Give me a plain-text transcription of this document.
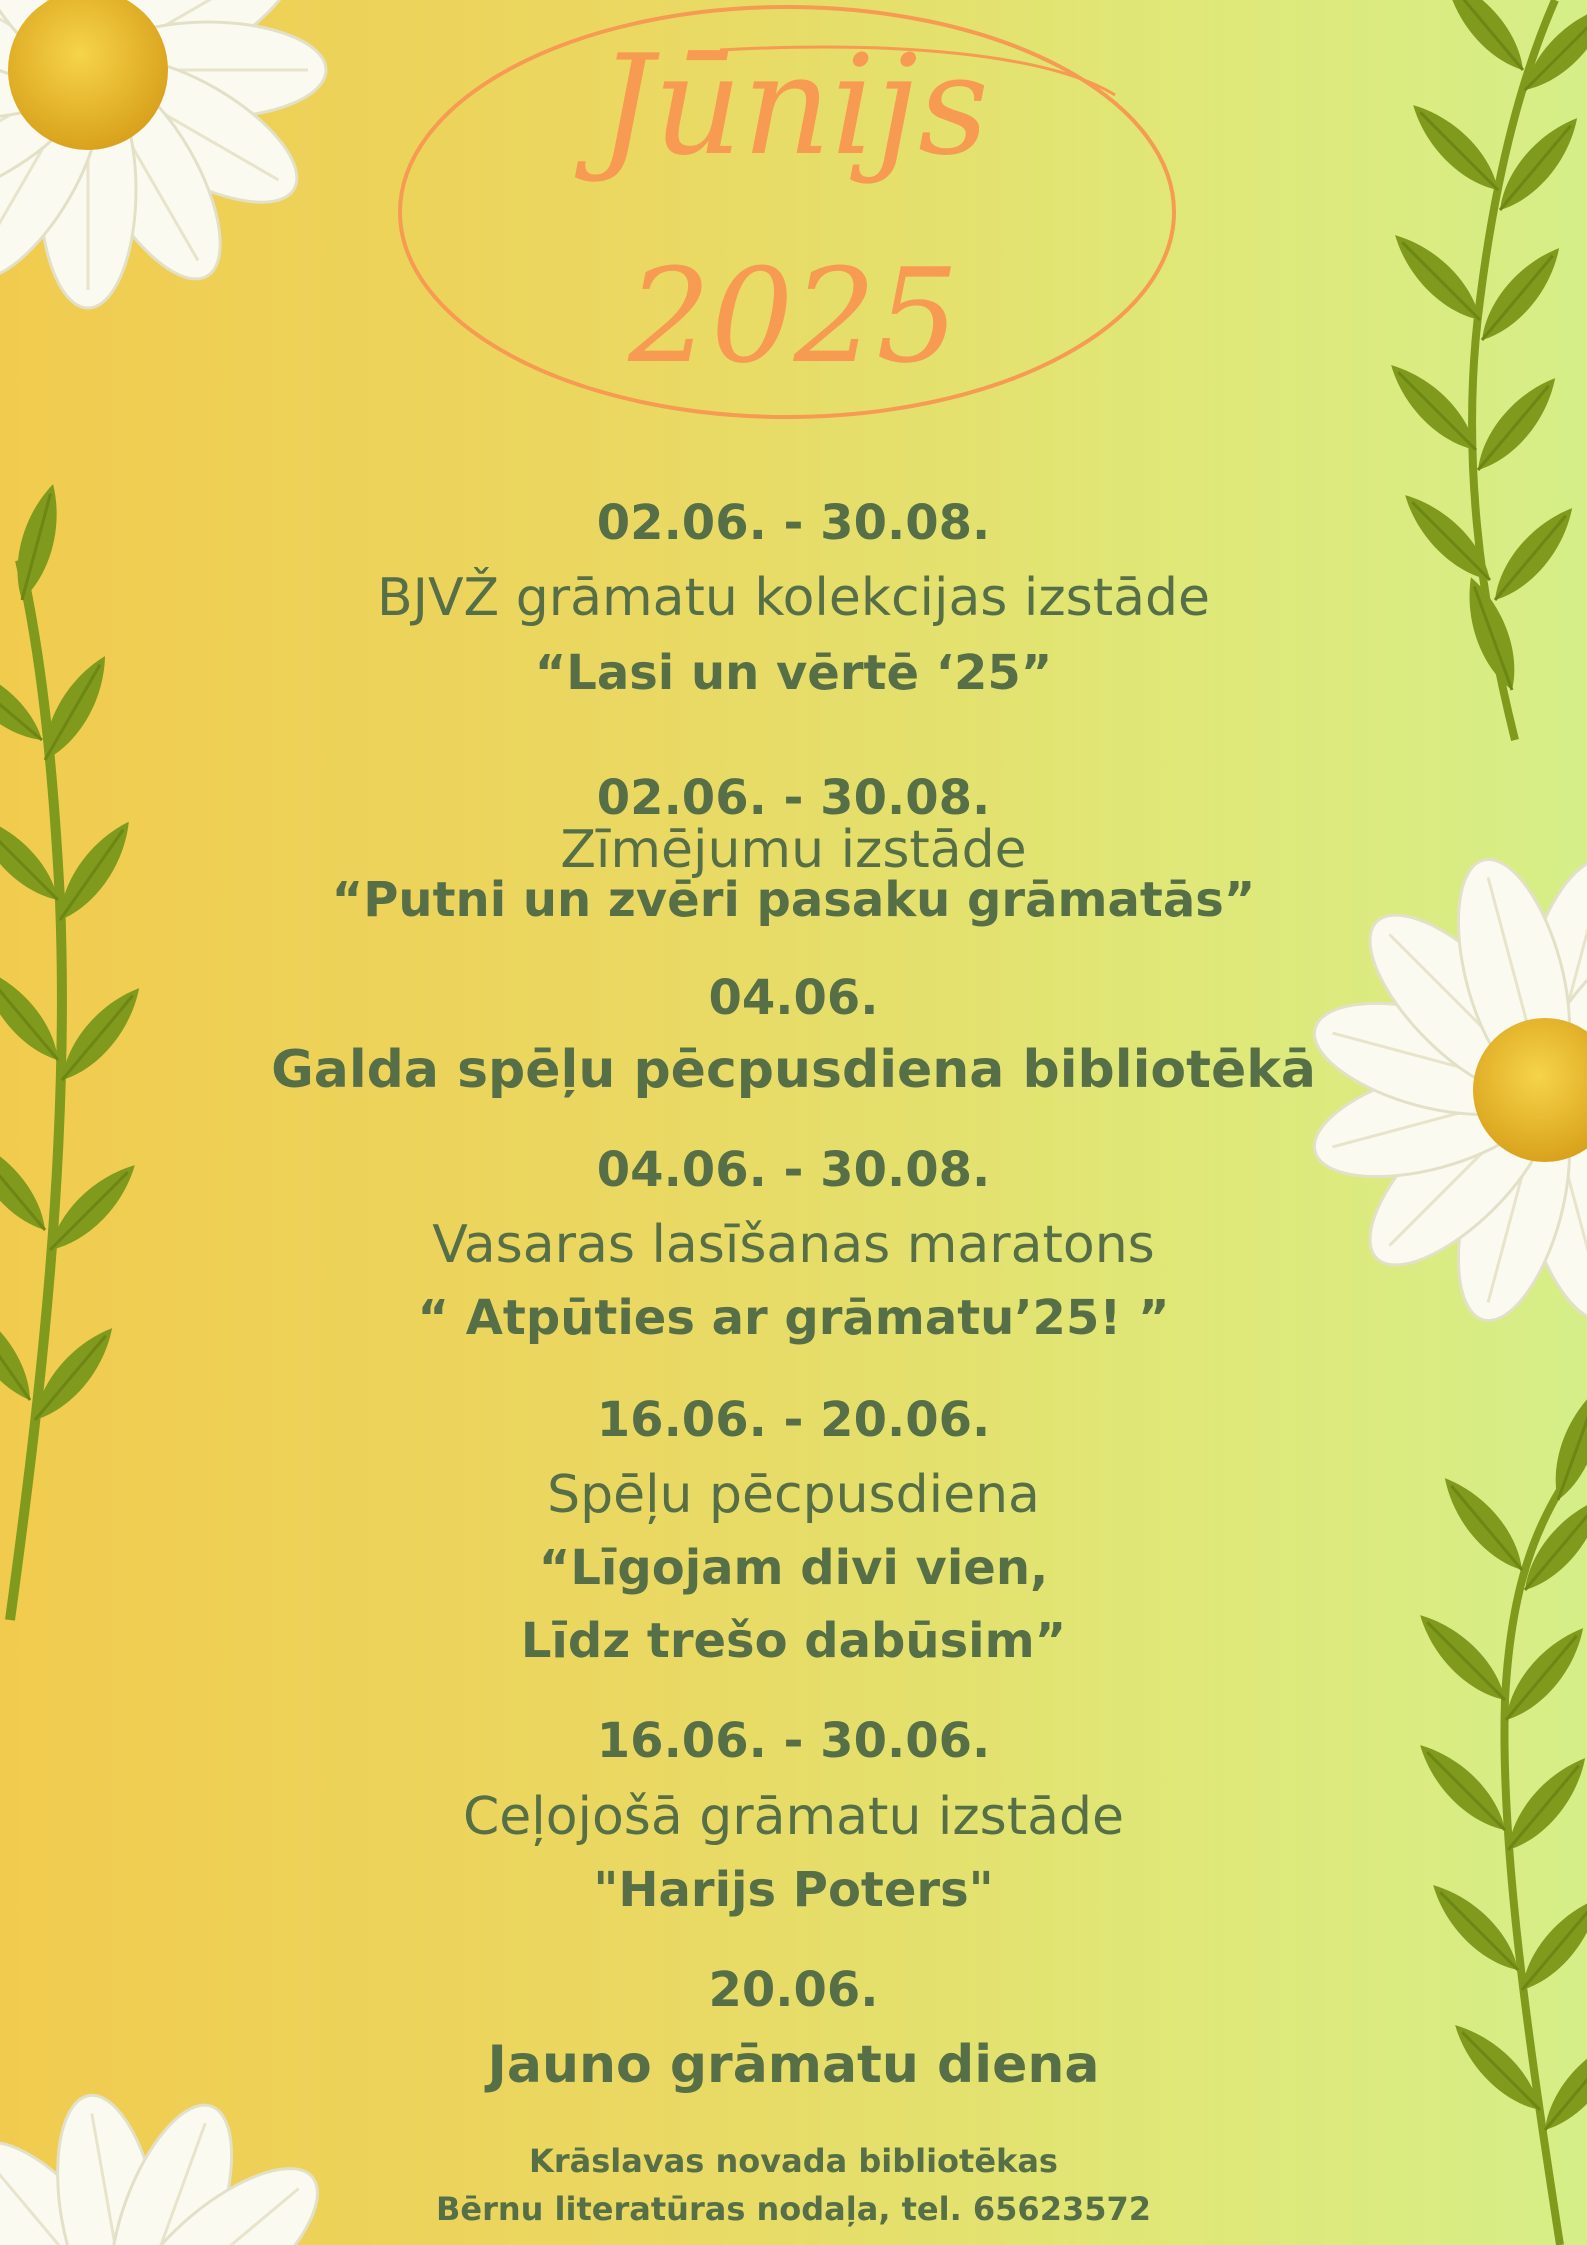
Jūnijs
2025
02.06. - 30.08.
BJVŽ grāmatu kolekcijas izstāde
“Lasi un vērtē ‘25”
02.06. - 30.08.
Zīmējumu izstāde
“Putni un zvēri pasaku grāmatās”
04.06.
Galda spēļu pēcpusdiena bibliotēkā
04.06. - 30.08.
Vasaras lasīšanas maratons
“ Atpūties ar grāmatu’25! ”
16.06. - 20.06.
Spēļu pēcpusdiena
“Līgojam divi vien,
Līdz trešo dabūsim”
16.06. - 30.06.
Ceļojošā grāmatu izstāde
"Harijs Poters"
20.06.
Jauno grāmatu diena
Krāslavas novada bibliotēkas
Bērnu literatūras nodaļa, tel. 65623572
